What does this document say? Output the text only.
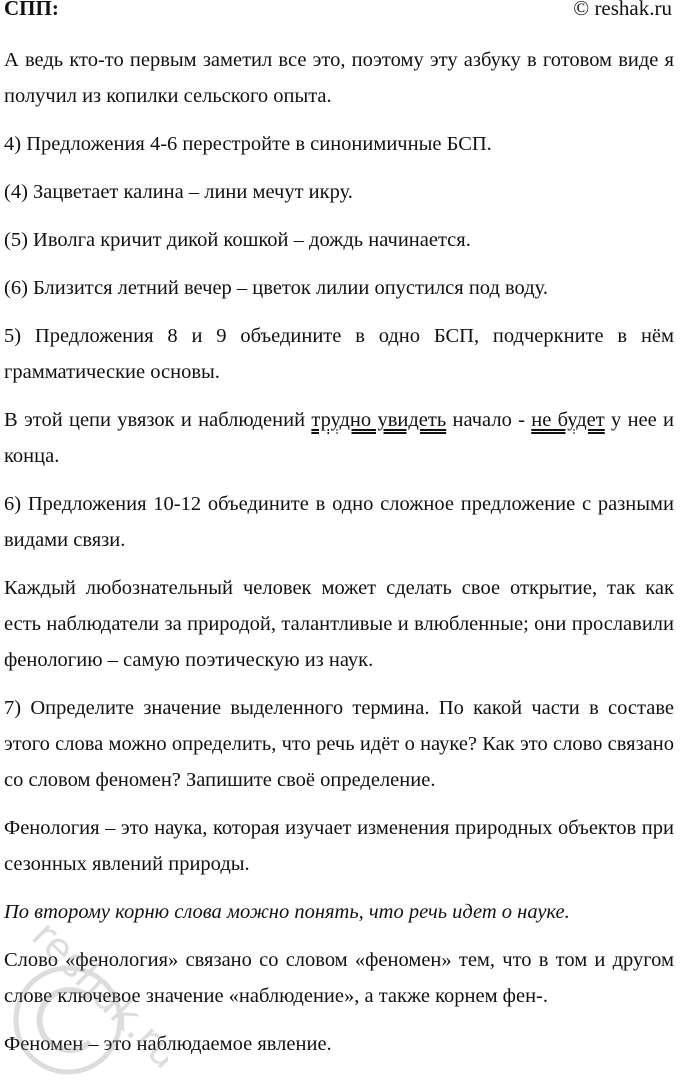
СПП:	© reshak.ru

А ведь кто-то первым заметил все это, поэтому эту азбуку в готовом виде я получил из копилки сельского опыта.

4) Предложения 4-6 перестройте в синонимичные БСП.

(4) Зацветает калина – лини мечут икру.

(5) Иволга кричит дикой кошкой – дождь начинается.

(6) Близится летний вечер – цветок лилии опустился под воду.

5) Предложения 8 и 9 объедините в одно БСП, подчеркните в нём грамматические основы.

В этой цепи увязок и наблюдений трудно увидеть начало - не будет у нее и конца.

6) Предложения 10-12 объедините в одно сложное предложение с разными видами связи.

Каждый любознательный человек может сделать свое открытие, так как есть наблюдатели за природой, талантливые и влюбленные; они прославили фенологию – самую поэтическую из наук.

7) Определите значение выделенного термина. По какой части в составе этого слова можно определить, что речь идёт о науке? Как это слово связано со словом феномен? Запишите своё определение.

Фенология – это наука, которая изучает изменения природных объектов при сезонных явлений природы.

По второму корню слова можно понять, что речь идет о науке.

Слово «фенология» связано со словом «феномен» тем, что в том и другом слове ключевое значение «наблюдение», а также корнем фен-.

Феномен – это наблюдаемое явление.

reshak.ru
